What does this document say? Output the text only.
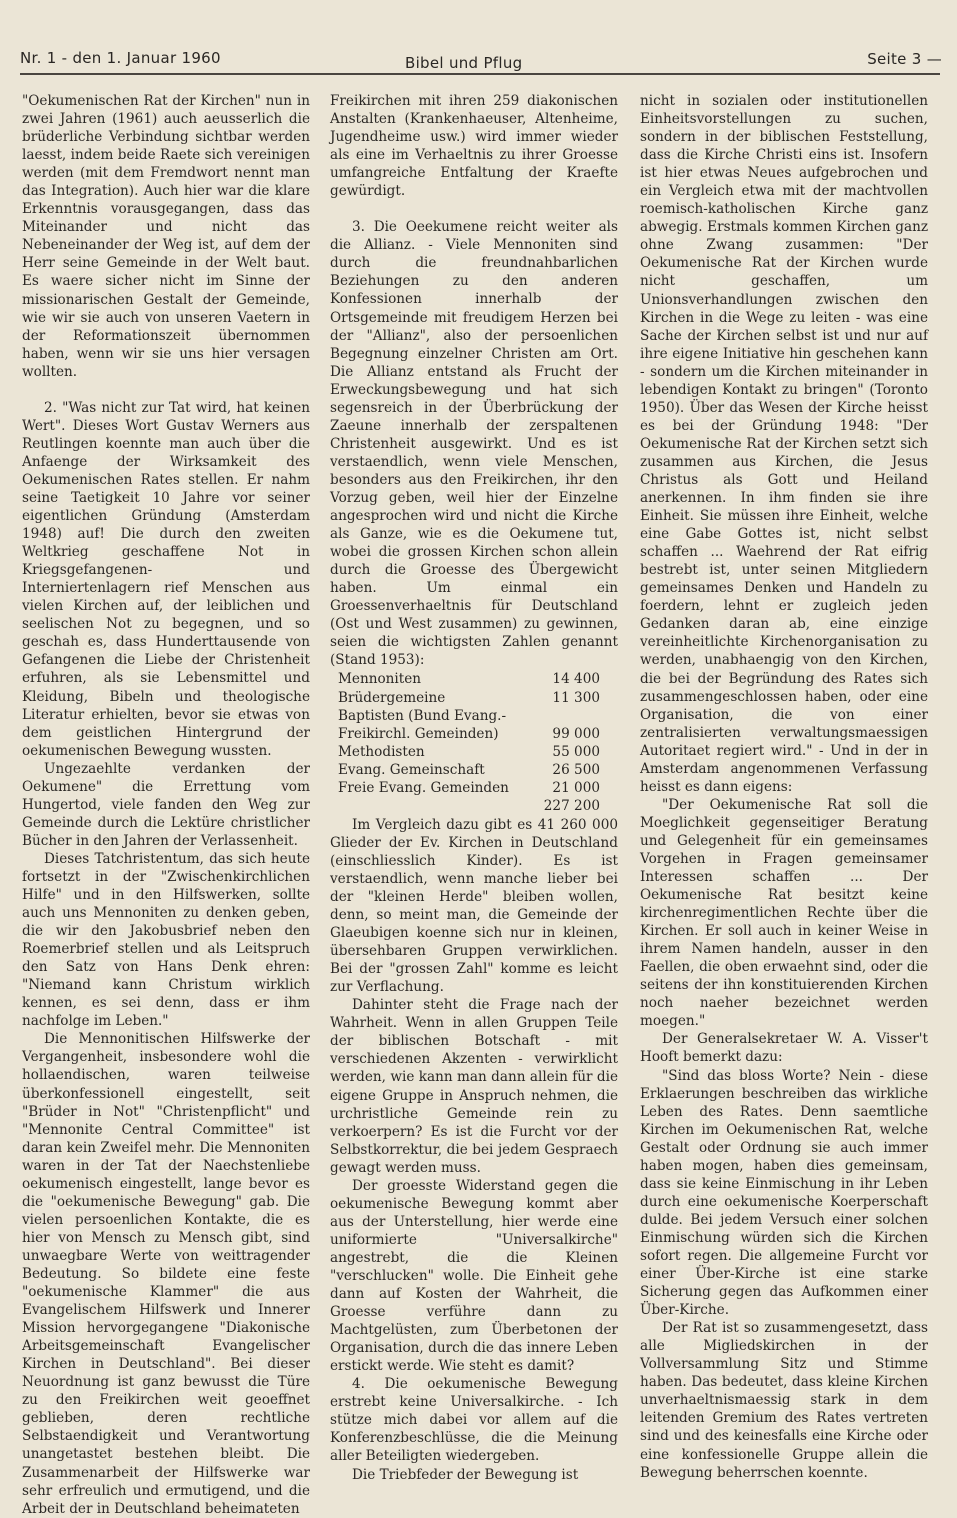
Nr. 1 - den 1. Januar 1960	Bibel und Pflug	Seite 3 —

"Oekumenischen Rat der Kirchen" nun in zwei Jahren (1961) auch aeusserlich die brüderliche Verbindung sichtbar werden laesst, indem beide Raete sich vereinigen werden (mit dem Fremdwort nennt man das Integration). Auch hier war die klare Erkenntnis vorausgegangen, dass das Miteinander und nicht das Nebeneinander der Weg ist, auf dem der Herr seine Gemeinde in der Welt baut. Es waere sicher nicht im Sinne der missionarischen Gestalt der Gemeinde, wie wir sie auch von unseren Vaetern in der Reformationszeit übernommen haben, wenn wir sie uns hier versagen wollten.

2. "Was nicht zur Tat wird, hat keinen Wert". Dieses Wort Gustav Werners aus Reutlingen koennte man auch über die Anfaenge der Wirksamkeit des Oekumenischen Rates stellen. Er nahm seine Taetigkeit 10 Jahre vor seiner eigentlichen Gründung (Amsterdam 1948) auf! Die durch den zweiten Weltkrieg geschaffene Not in Kriegsgefangenen- und Interniertenlagern rief Menschen aus vielen Kirchen auf, der leiblichen und seelischen Not zu begegnen, und so geschah es, dass Hunderttausende von Gefangenen die Liebe der Christenheit erfuhren, als sie Lebensmittel und Kleidung, Bibeln und theologische Literatur erhielten, bevor sie etwas von dem geistlichen Hintergrund der oekumenischen Bewegung wussten.

Ungezaehlte verdanken der Oekumene" die Errettung vom Hungertod, viele fanden den Weg zur Gemeinde durch die Lektüre christlicher Bücher in den Jahren der Verlassenheit.

Dieses Tatchristentum, das sich heute fortsetzt in der "Zwischenkirchlichen Hilfe" und in den Hilfswerken, sollte auch uns Mennoniten zu denken geben, die wir den Jakobusbrief neben den Roemerbrief stellen und als Leitspruch den Satz von Hans Denk ehren: "Niemand kann Christum wirklich kennen, es sei denn, dass er ihm nachfolge im Leben."

Die Mennonitischen Hilfswerke der Vergangenheit, insbesondere wohl die hollaendischen, waren teilweise überkonfessionell eingestellt, seit "Brüder in Not" "Christenpflicht" und "Mennonite Central Committee" ist daran kein Zweifel mehr. Die Mennoniten waren in der Tat der Naechstenliebe oekumenisch eingestellt, lange bevor es die "oekumenische Bewegung" gab. Die vielen persoenlichen Kontakte, die es hier von Mensch zu Mensch gibt, sind unwaegbare Werte von weittragender Bedeutung. So bildete eine feste "oekumenische Klammer" die aus Evangelischem Hilfswerk und Innerer Mission hervorgegangene "Diakonische Arbeitsgemeinschaft Evangelischer Kirchen in Deutschland". Bei dieser Neuordnung ist ganz bewusst die Türe zu den Freikirchen weit geoeffnet geblieben, deren rechtliche Selbstaendigkeit und Verantwortung unangetastet bestehen bleibt. Die Zusammenarbeit der Hilfswerke war sehr erfreulich und ermutigend, und die Arbeit der in Deutschland beheimateten

Freikirchen mit ihren 259 diakonischen Anstalten (Krankenhaeuser, Altenheime, Jugendheime usw.) wird immer wieder als eine im Verhaeltnis zu ihrer Groesse umfangreiche Entfaltung der Kraefte gewürdigt.

3. Die Oeekumene reicht weiter als die Allianz. - Viele Mennoniten sind durch die freundnahbarlichen Beziehungen zu den anderen Konfessionen innerhalb der Ortsgemeinde mit freudigem Herzen bei der "Allianz", also der persoenlichen Begegnung einzelner Christen am Ort. Die Allianz entstand als Frucht der Erweckungsbewegung und hat sich segensreich in der Überbrückung der Zaeune innerhalb der zerspaltenen Christenheit ausgewirkt. Und es ist verstaendlich, wenn viele Menschen, besonders aus den Freikirchen, ihr den Vorzug geben, weil hier der Einzelne angesprochen wird und nicht die Kirche als Ganze, wie es die Oekumene tut, wobei die grossen Kirchen schon allein durch die Groesse des Übergewicht haben. Um einmal ein Groessenverhaeltnis für Deutschland (Ost und West zusammen) zu gewinnen, seien die wichtigsten Zahlen genannt (Stand 1953):

Mennoniten	14 400
Brüdergemeine	11 300
Baptisten (Bund Evang.-
Freikirchl. Gemeinden)	99 000
Methodisten	55 000
Evang. Gemeinschaft	26 500
Freie Evang. Gemeinden	21 000
227 200

Im Vergleich dazu gibt es 41 260 000 Glieder der Ev. Kirchen in Deutschland (einschliesslich Kinder). Es ist verstaendlich, wenn manche lieber bei der "kleinen Herde" bleiben wollen, denn, so meint man, die Gemeinde der Glaeubigen koenne sich nur in kleinen, übersehbaren Gruppen verwirklichen. Bei der "grossen Zahl" komme es leicht zur Verflachung.

Dahinter steht die Frage nach der Wahrheit. Wenn in allen Gruppen Teile der biblischen Botschaft - mit verschiedenen Akzenten - verwirklicht werden, wie kann man dann allein für die eigene Gruppe in Anspruch nehmen, die urchristliche Gemeinde rein zu verkoerpern? Es ist die Furcht vor der Selbstkorrektur, die bei jedem Gespraech gewagt werden muss.

Der groesste Widerstand gegen die oekumenische Bewegung kommt aber aus der Unterstellung, hier werde eine uniformierte "Universalkirche" angestrebt, die die Kleinen "verschlucken" wolle. Die Einheit gehe dann auf Kosten der Wahrheit, die Groesse verführe dann zu Machtgelüsten, zum Überbetonen der Organisation, durch die das innere Leben erstickt werde. Wie steht es damit?

4. Die oekumenische Bewegung erstrebt keine Universalkirche. - Ich stütze mich dabei vor allem auf die Konferenzbeschlüsse, die die Meinung aller Beteiligten wiedergeben.

Die Triebfeder der Bewegung ist

nicht in sozialen oder institutionellen Einheitsvorstellungen zu suchen, sondern in der biblischen Feststellung, dass die Kirche Christi eins ist. Insofern ist hier etwas Neues aufgebrochen und ein Vergleich etwa mit der machtvollen roemisch-katholischen Kirche ganz abwegig. Erstmals kommen Kirchen ganz ohne Zwang zusammen: "Der Oekumenische Rat der Kirchen wurde nicht geschaffen, um Unionsverhandlungen zwischen den Kirchen in die Wege zu leiten - was eine Sache der Kirchen selbst ist und nur auf ihre eigene Initiative hin geschehen kann - sondern um die Kirchen miteinander in lebendigen Kontakt zu bringen" (Toronto 1950). Über das Wesen der Kirche heisst es bei der Gründung 1948: "Der Oekumenische Rat der Kirchen setzt sich zusammen aus Kirchen, die Jesus Christus als Gott und Heiland anerkennen. In ihm finden sie ihre Einheit. Sie müssen ihre Einheit, welche eine Gabe Gottes ist, nicht selbst schaffen ... Waehrend der Rat eifrig bestrebt ist, unter seinen Mitgliedern gemeinsames Denken und Handeln zu foerdern, lehnt er zugleich jeden Gedanken daran ab, eine einzige vereinheitlichte Kirchenorganisation zu werden, unabhaengig von den Kirchen, die bei der Begründung des Rates sich zusammengeschlossen haben, oder eine Organisation, die von einer zentralisierten verwaltungsmaessigen Autoritaet regiert wird." - Und in der in Amsterdam angenommenen Verfassung heisst es dann eigens:

"Der Oekumenische Rat soll die Moeglichkeit gegenseitiger Beratung und Gelegenheit für ein gemeinsames Vorgehen in Fragen gemeinsamer Interessen schaffen ... Der Oekumenische Rat besitzt keine kirchenregimentlichen Rechte über die Kirchen. Er soll auch in keiner Weise in ihrem Namen handeln, ausser in den Faellen, die oben erwaehnt sind, oder die seitens der ihn konstituierenden Kirchen noch naeher bezeichnet werden moegen."

Der Generalsekretaer W. A. Visser't Hooft bemerkt dazu:

"Sind das bloss Worte? Nein - diese Erklaerungen beschreiben das wirkliche Leben des Rates. Denn saemtliche Kirchen im Oekumenischen Rat, welche Gestalt oder Ordnung sie auch immer haben mogen, haben dies gemeinsam, dass sie keine Einmischung in ihr Leben durch eine oekumenische Koerperschaft dulde. Bei jedem Versuch einer solchen Einmischung würden sich die Kirchen sofort regen. Die allgemeine Furcht vor einer Über-Kirche ist eine starke Sicherung gegen das Aufkommen einer Über-Kirche.

Der Rat ist so zusammengesetzt, dass alle Migliedskirchen in der Vollversammlung Sitz und Stimme haben. Das bedeutet, dass kleine Kirchen unverhaeltnismaessig stark in dem leitenden Gremium des Rates vertreten sind und des keinesfalls eine Kirche oder eine konfessionelle Gruppe allein die Bewegung beherrschen koennte.
